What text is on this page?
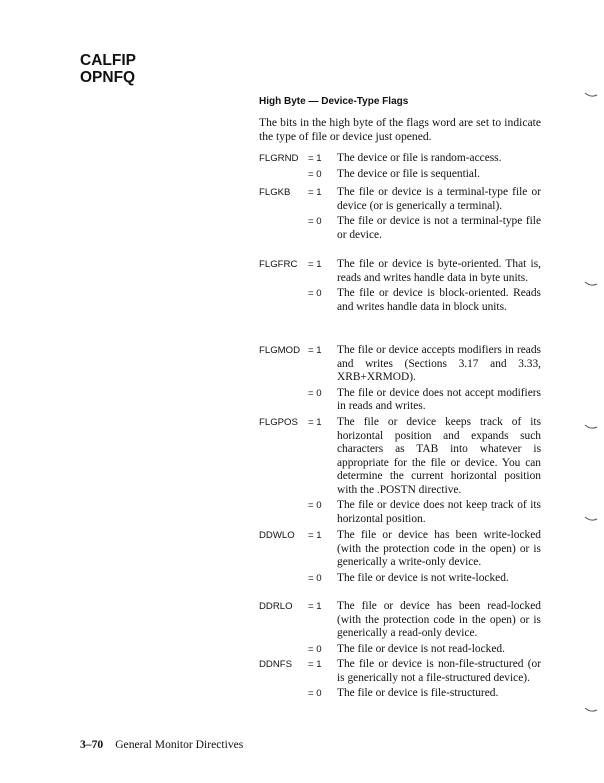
CALFIP
OPNFQ
High Byte — Device-Type Flags
The bits in the high byte of the flags word are set to indicate the type of file or device just opened.
FLGRND = 1	The device or file is random-access.
= 0	The device or file is sequential.
FLGKB = 1	The file or device is a terminal-type file or device (or is generically a terminal).
= 0	The file or device is not a terminal-type file or device.
FLGFRC = 1	The file or device is byte-oriented. That is, reads and writes handle data in byte units.
= 0	The file or device is block-oriented. Reads and writes handle data in block units.
FLGMOD = 1	The file or device accepts modifiers in reads and writes (Sections 3.17 and 3.33, XRB+XRMOD).
= 0	The file or device does not accept modifiers in reads and writes.
FLGPOS = 1	The file or device keeps track of its horizontal position and expands such characters as TAB into whatever is appropriate for the file or device. You can determine the current horizontal position with the .POSTN directive.
= 0	The file or device does not keep track of its horizontal position.
DDWLO = 1	The file or device has been write-locked (with the protection code in the open) or is generically a write-only device.
= 0	The file or device is not write-locked.
DDRLO = 1	The file or device has been read-locked (with the protection code in the open) or is generically a read-only device.
= 0	The file or device is not read-locked.
DDNFS = 1	The file or device is non-file-structured (or is generically not a file-structured device).
= 0	The file or device is file-structured.
3–70 General Monitor Directives
